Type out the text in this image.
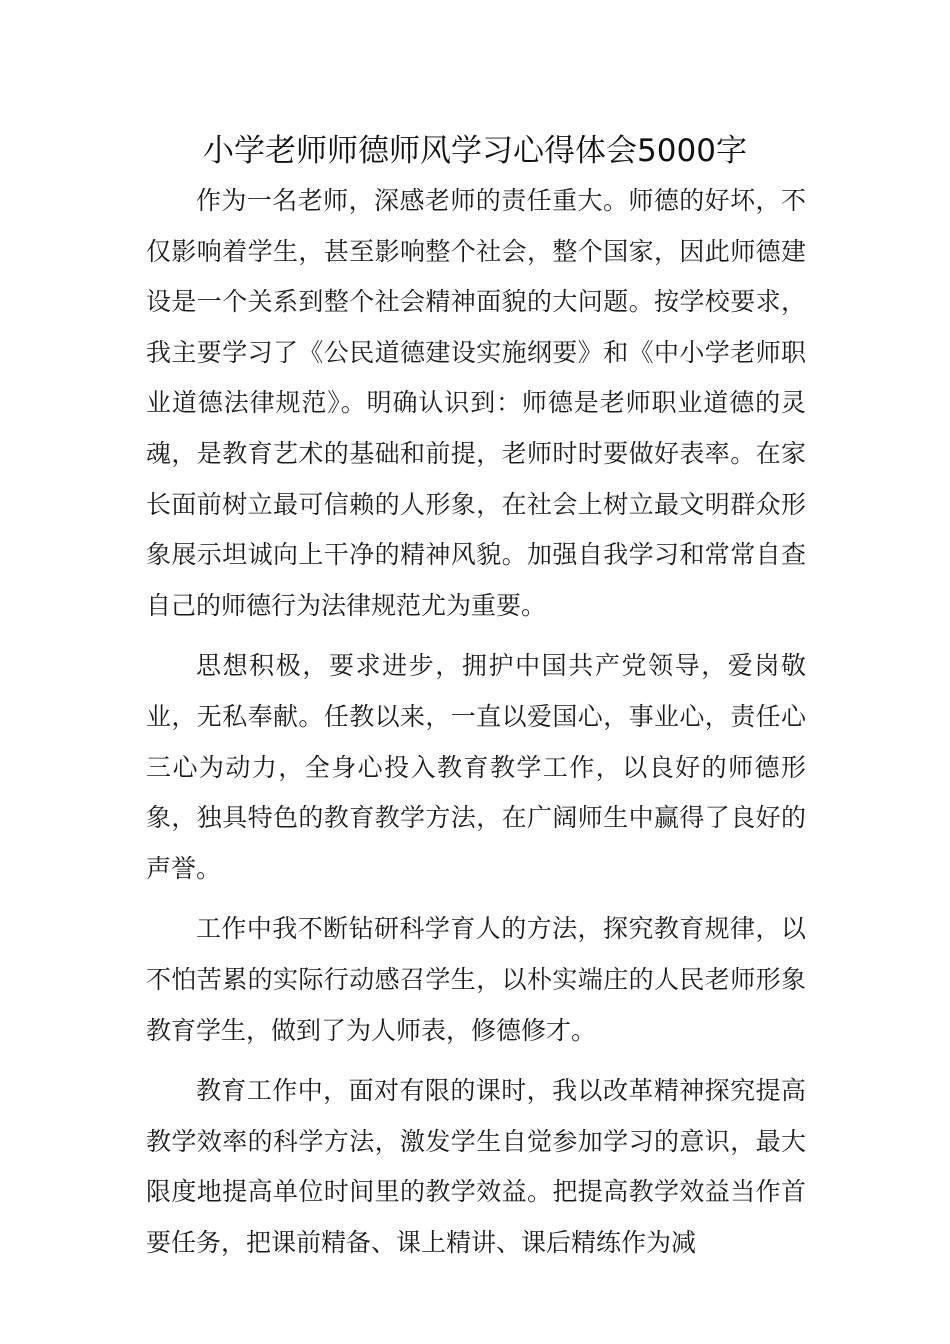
小学老师师德师风学习心得体会5000字

作为一名老师，深感老师的责任重大。师德的好坏，不仅影响着学生，甚至影响整个社会，整个国家，因此师德建设是一个关系到整个社会精神面貌的大问题。按学校要求，我主要学习了《公民道德建设实施纲要》和《中小学老师职业道德法律规范》。明确认识到：师德是老师职业道德的灵魂，是教育艺术的基础和前提，老师时时要做好表率。在家长面前树立最可信赖的人形象，在社会上树立最文明群众形象展示坦诚向上干净的精神风貌。加强自我学习和常常自查自己的师德行为法律规范尤为重要。

思想积极，要求进步，拥护中国共产党领导，爱岗敬业，无私奉献。任教以来，一直以爱国心，事业心，责任心三心为动力，全身心投入教育教学工作，以良好的师德形象，独具特色的教育教学方法，在广阔师生中赢得了良好的声誉。

工作中我不断钻研科学育人的方法，探究教育规律，以不怕苦累的实际行动感召学生，以朴实端庄的人民老师形象教育学生，做到了为人师表，修德修才。

教育工作中，面对有限的课时，我以改革精神探究提高教学效率的科学方法，激发学生自觉参加学习的意识，最大限度地提高单位时间里的教学效益。把提高教学效益当作首要任务，把课前精备、课上精讲、课后精练作为减
